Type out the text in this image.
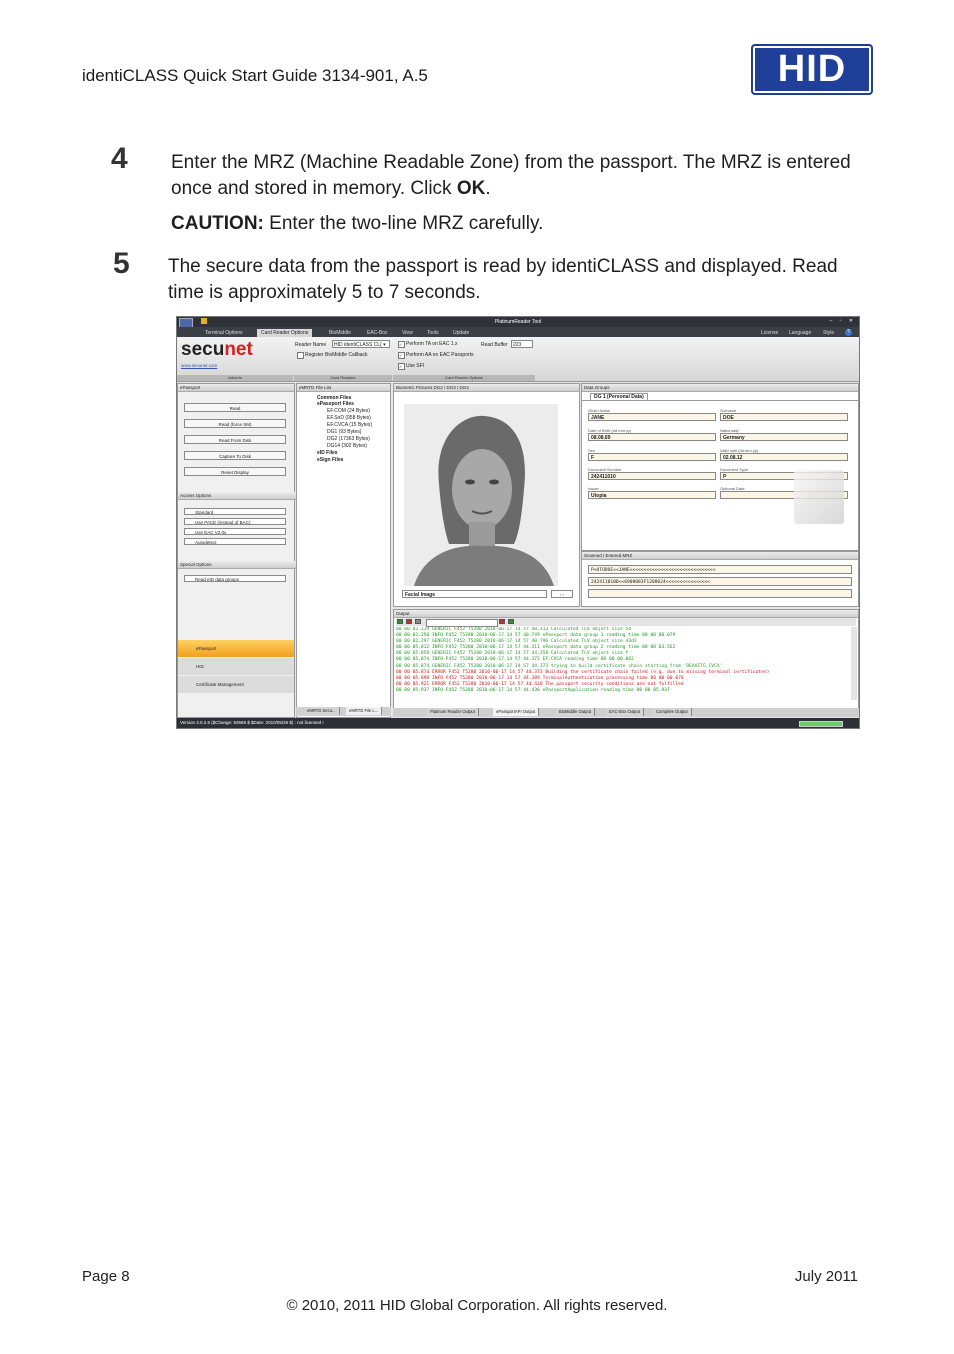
identiCLASS Quick Start Guide 3134-901, A.5	HID
4 Enter the MRZ (Machine Readable Zone) from the passport. The MRZ is entered once and stored in memory. Click OK.
CAUTION: Enter the two-line MRZ carefully.
5 The secure data from the passport is read by identiCLASS and displayed. Read time is approximately 5 to 7 seconds.
PlatinumReader Tool	– ▫ ✕
Terminal Options	Card Reader Options	BioMiddle	EAC-Box	View	Tools	Update	License	Language	Style	?
secunet
www.secunet.com
Adverts
Reader Name	HID identiCLASS CL( ▾
Register BioMiddle Callback
Card Readers
✓ Perform TA on EAC 1.x
✓ Perform AA on EAC Passports
✓ Use SFI
Read Buffer	223
Card Reader Options
ePassport
Read
Read (force SM)
Read From Disk
Capture To Disk
Reset Display
Access Options
Standard
Use PACE (instead of BAC)
Use EAC V2.0x
Autodetect
Special Options
Read eID data groups
ePassport
HID
Certificate Management
eMRTD File List
Common Files
ePassport Files
EF.COM (24 Bytes)
EF.SoD (958 Bytes)
EF.CVCA (15 Bytes)
DG1 (93 Bytes)
DG2 (17363 Bytes)
DG14 (302 Bytes)
eID Files
eSign Files
eMRTD Secu...	eMRTD File L...
Biometric Pictures DG2 / DG3 / DG4
Facial Image	‹ ›
Data Groups
DG 1 (Personal Data)
Given Name
JANE
Surname
DOE
Date of Birth (dd.mm.yy)
08.08.69
Nationality
Germany
Sex
F
Valid until (dd.mm.yy)
02.08.12
Document Number
242411010
Document Type
P
Issuer
Utopia
Optional Data
Scanned / Entered MRZ
P<UTODOE<<JANE<<<<<<<<<<<<<<<<<<<<<<<<<<<<<<<
242411010D<<6908083F1208024<<<<<<<<<<<<<<<<
Output
00 00 02.219 GENERIC F452 T5280 2010-06-17 14 57 40.313 Calculated TLV object size 5d
00 00 02.250 INFO F452 T5280 2010-06-17 14 57 40.749 ePassport data group 1 reading time 00 00 00.079
00 00 02.297 GENERIC F452 T5280 2010-06-17 14 57 40.796 Calculated TLV object size 43d3
00 00 05.812 INFO F452 T5280 2010-06-17 14 57 44.311 ePassport data group 2 reading time 00 00 03.562
00 00 05.859 GENERIC F452 T5280 2010-06-17 14 57 44.358 Calculated TLV object size f
00 00 05.874 INFO F452 T5280 2010-06-17 14 57 44.373 EF.CVCA reading time 00 00 00.062
00 00 05.874 GENERIC F452 T5280 2010-06-17 14 57 44.373 trying to build certificate chain starting from 'DEAAITG_CVCA'
00 00 05.874 ERROR F452 T5280 2010-06-17 14 57 44.373 Building the certificate chain failed (e.g. due to missing terminal certificates)
00 00 05.890 INFO F452 T5280 2010-06-17 14 57 44.389 TerminalAuthentication processing time 00 00 00.078
00 00 05.921 ERROR F452 T5280 2010-06-17 14 57 44.420 The passport security conditions are not fulfilled
00 00 05.937 INFO F452 T5280 2010-06-17 14 57 44.436 ePassportApplication reading time 00 00 05.937
Platinum Reader Output	ePassportAPI Output	BioMiddle Output	EAC-Box Output	Complete Output
Version 3.0.2.6 ($Change: 93569 $ $Date: 2010/05/26 $) : not licensed !
Page 8	July 2011
© 2010, 2011 HID Global Corporation. All rights reserved.
